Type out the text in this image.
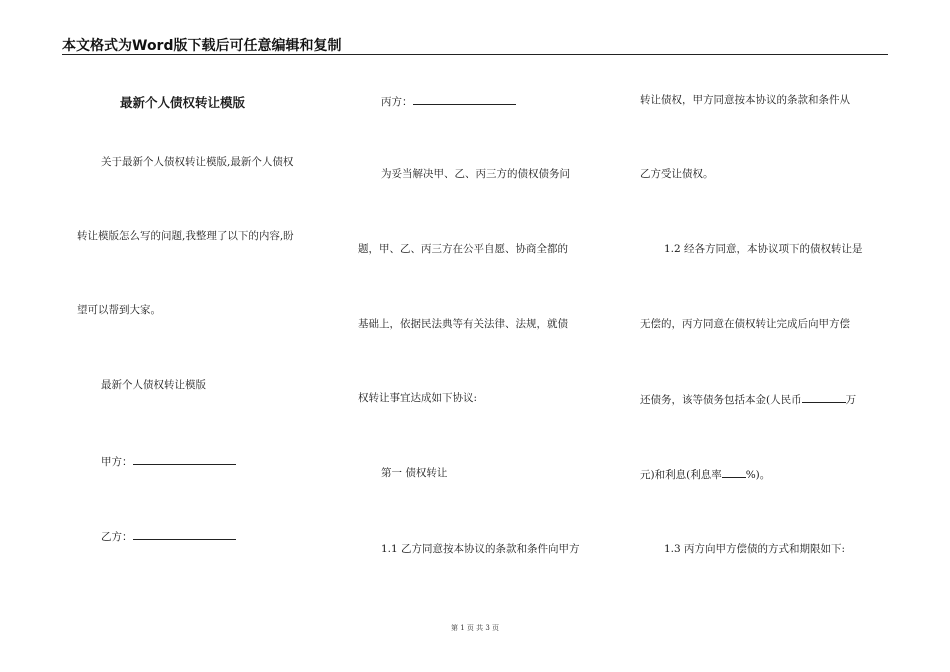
本文格式为Word版下载后可任意编辑和复制
最新个人债权转让模版
关于最新个人债权转让模版,最新个人债权
转让模版怎么写的问题,我整理了以下的内容,盼
望可以帮到大家。
最新个人债权转让模版
甲方：
乙方：
丙方：
为妥当解决甲、乙、丙三方的债权债务问
题，甲、乙、丙三方在公平自愿、协商全都的
基础上，依据民法典等有关法律、法规，就债
权转让事宜达成如下协议:
第一 债权转让
1.1 乙方同意按本协议的条款和条件向甲方
转让债权，甲方同意按本协议的条款和条件从
乙方受让债权。
1.2 经各方同意，本协议项下的债权转让是
无偿的，丙方同意在债权转让完成后向甲方偿
还债务，该等债务包括本金(人民币	万
元)和利息(利息率 %)。
1.3 丙方向甲方偿债的方式和期限如下:
第 1 页 共 3 页
